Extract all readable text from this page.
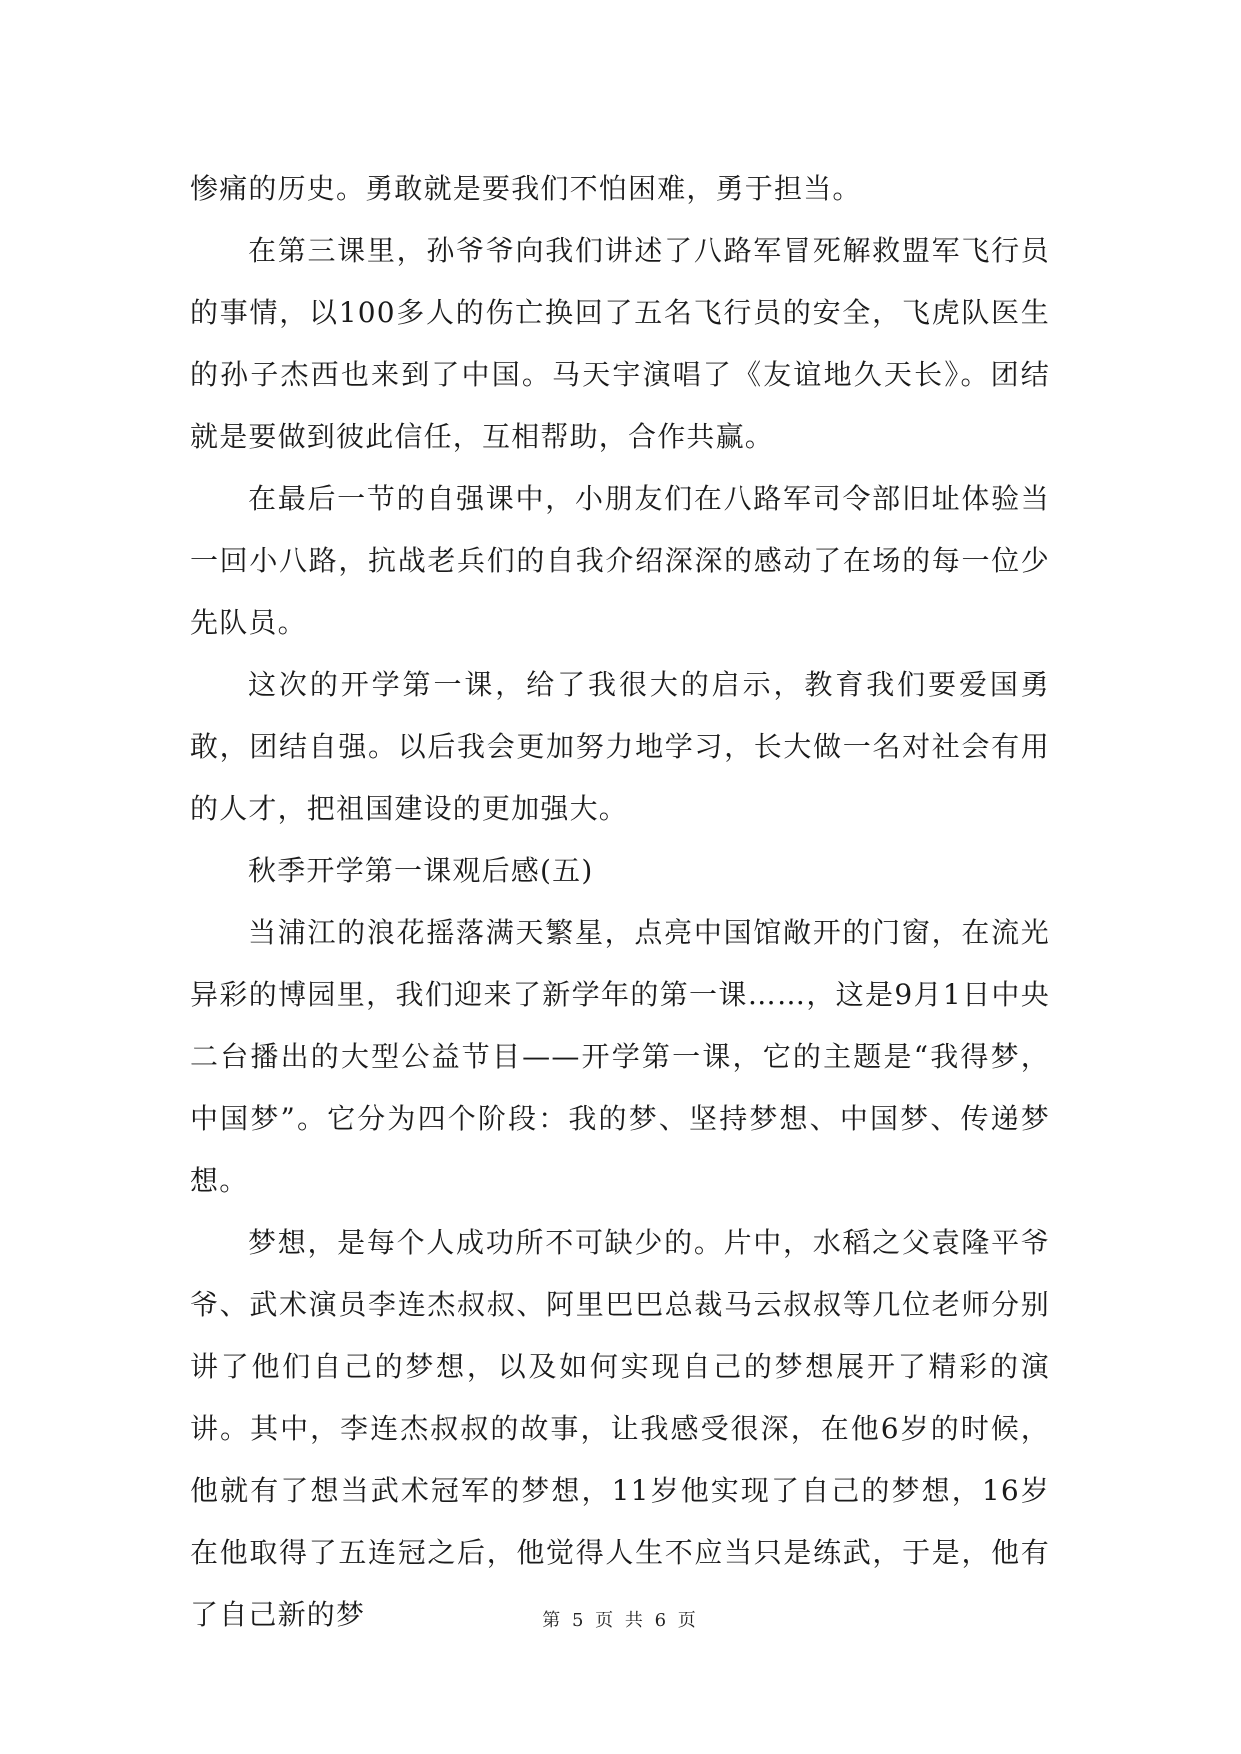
惨痛的历史。勇敢就是要我们不怕困难，勇于担当。

在第三课里，孙爷爷向我们讲述了八路军冒死解救盟军飞行员的事情，以100多人的伤亡换回了五名飞行员的安全，飞虎队医生的孙子杰西也来到了中国。马天宇演唱了《友谊地久天长》。团结就是要做到彼此信任，互相帮助，合作共赢。

在最后一节的自强课中，小朋友们在八路军司令部旧址体验当一回小八路，抗战老兵们的自我介绍深深的感动了在场的每一位少先队员。

这次的开学第一课，给了我很大的启示，教育我们要爱国勇敢，团结自强。以后我会更加努力地学习，长大做一名对社会有用的人才，把祖国建设的更加强大。

秋季开学第一课观后感(五)

当浦江的浪花摇落满天繁星，点亮中国馆敞开的门窗，在流光异彩的博园里，我们迎来了新学年的第一课……，这是9月1日中央二台播出的大型公益节目——开学第一课，它的主题是“我得梦，中国梦”。它分为四个阶段：我的梦、坚持梦想、中国梦、传递梦想。

梦想，是每个人成功所不可缺少的。片中，水稻之父袁隆平爷爷、武术演员李连杰叔叔、阿里巴巴总裁马云叔叔等几位老师分别讲了他们自己的梦想，以及如何实现自己的梦想展开了精彩的演讲。其中，李连杰叔叔的故事，让我感受很深，在他6岁的时候，他就有了想当武术冠军的梦想，11岁他实现了自己的梦想，16岁在他取得了五连冠之后，他觉得人生不应当只是练武，于是，他有了自己新的梦	第 5 页 共 6 页
